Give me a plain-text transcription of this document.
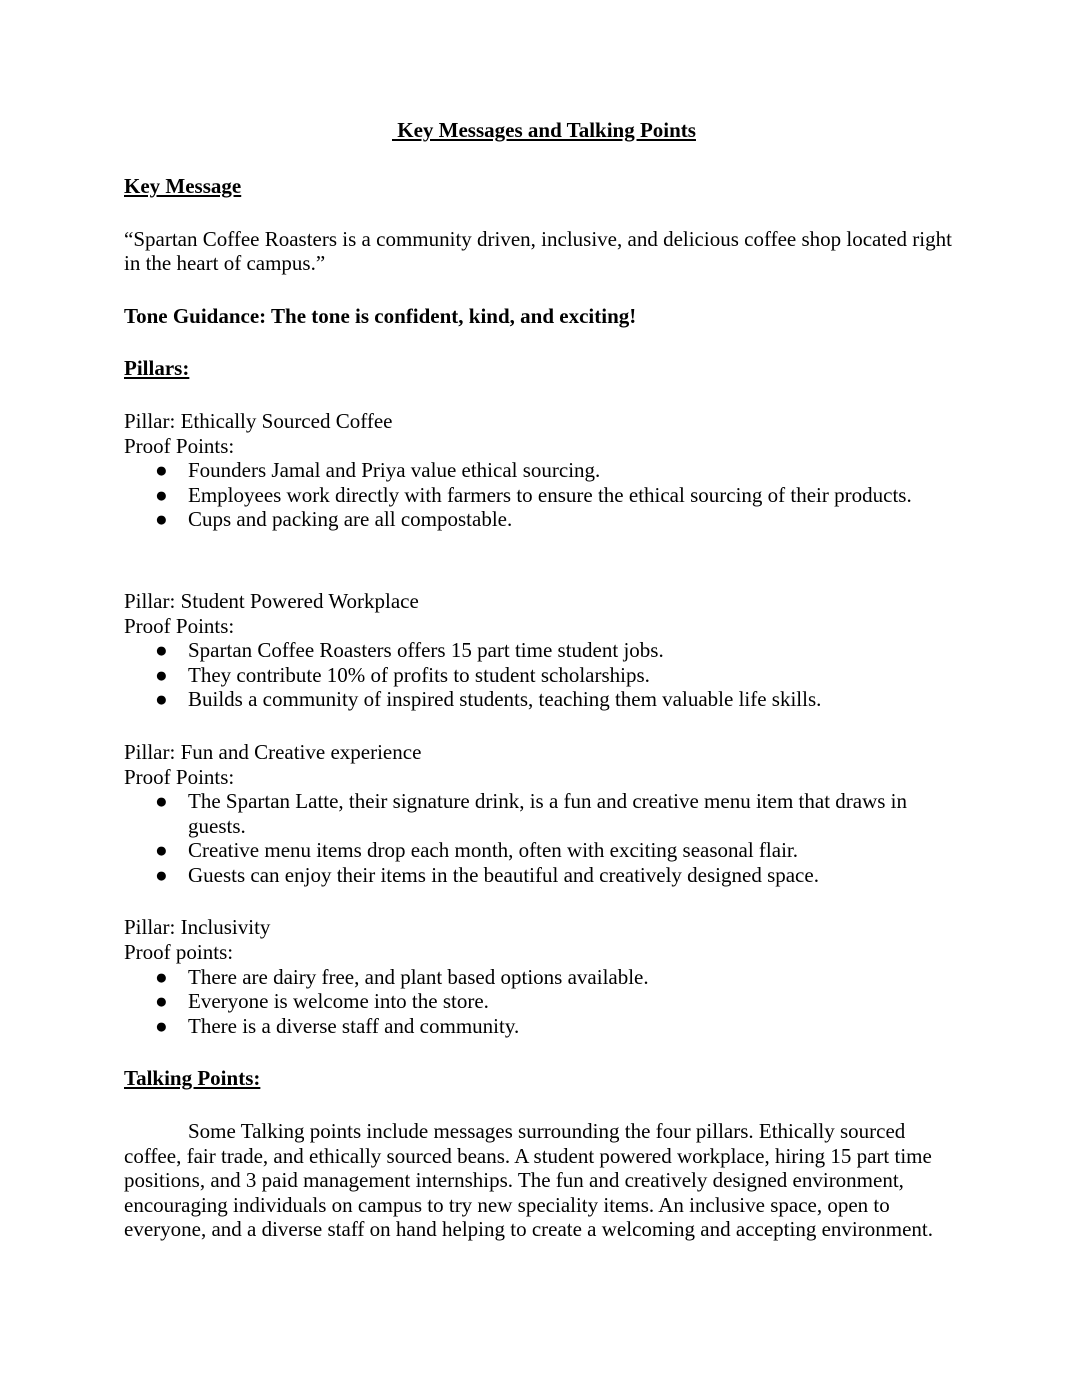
Key Messages and Talking Points

Key Message

“Spartan Coffee Roasters is a community driven, inclusive, and delicious coffee shop located right in the heart of campus.”

Tone Guidance: The tone is confident, kind, and exciting!

Pillars:

Pillar: Ethically Sourced Coffee

Proof Points:

● Founders Jamal and Priya value ethical sourcing.
● Employees work directly with farmers to ensure the ethical sourcing of their products.
● Cups and packing are all compostable.

Pillar: Student Powered Workplace

Proof Points:

● Spartan Coffee Roasters offers 15 part time student jobs.
● They contribute 10% of profits to student scholarships.
● Builds a community of inspired students, teaching them valuable life skills.

Pillar: Fun and Creative experience

Proof Points:

● The Spartan Latte, their signature drink, is a fun and creative menu item that draws in guests.
● Creative menu items drop each month, often with exciting seasonal flair.
● Guests can enjoy their items in the beautiful and creatively designed space.

Pillar: Inclusivity

Proof points:

● There are dairy free, and plant based options available.
● Everyone is welcome into the store.
● There is a diverse staff and community.

Talking Points:

Some Talking points include messages surrounding the four pillars. Ethically sourced coffee, fair trade, and ethically sourced beans. A student powered workplace, hiring 15 part time positions, and 3 paid management internships. The fun and creatively designed environment, encouraging individuals on campus to try new speciality items. An inclusive space, open to everyone, and a diverse staff on hand helping to create a welcoming and accepting environment.
